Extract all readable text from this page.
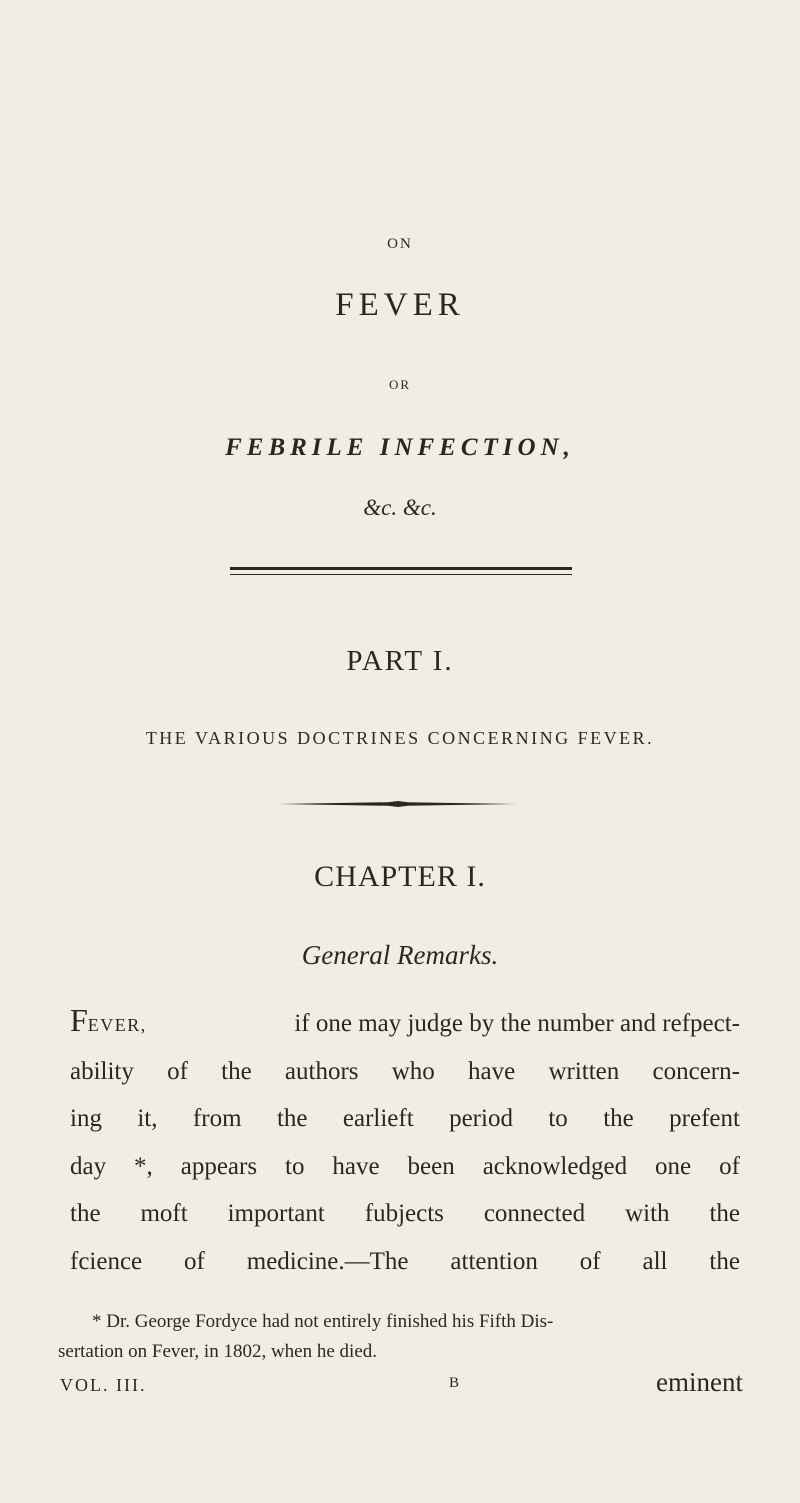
ON
FEVER
OR
FEBRILE INFECTION,
&c. &c.
PART I.
THE VARIOUS DOCTRINES CONCERNING FEVER.
CHAPTER I.
General Remarks.
FEVER,	if one may judge by the number and refpect-
ability of the authors who have written concern-
ing it, from the earlieft period to the prefent
day *, appears to have been acknowledged one of
the moft important fubjects connected with the
fcience of medicine.—The attention of all the
* Dr. George Fordyce had not entirely finished his Fifth Dis-
sertation on Fever, in 1802, when he died.
VOL. III.	B	eminent
